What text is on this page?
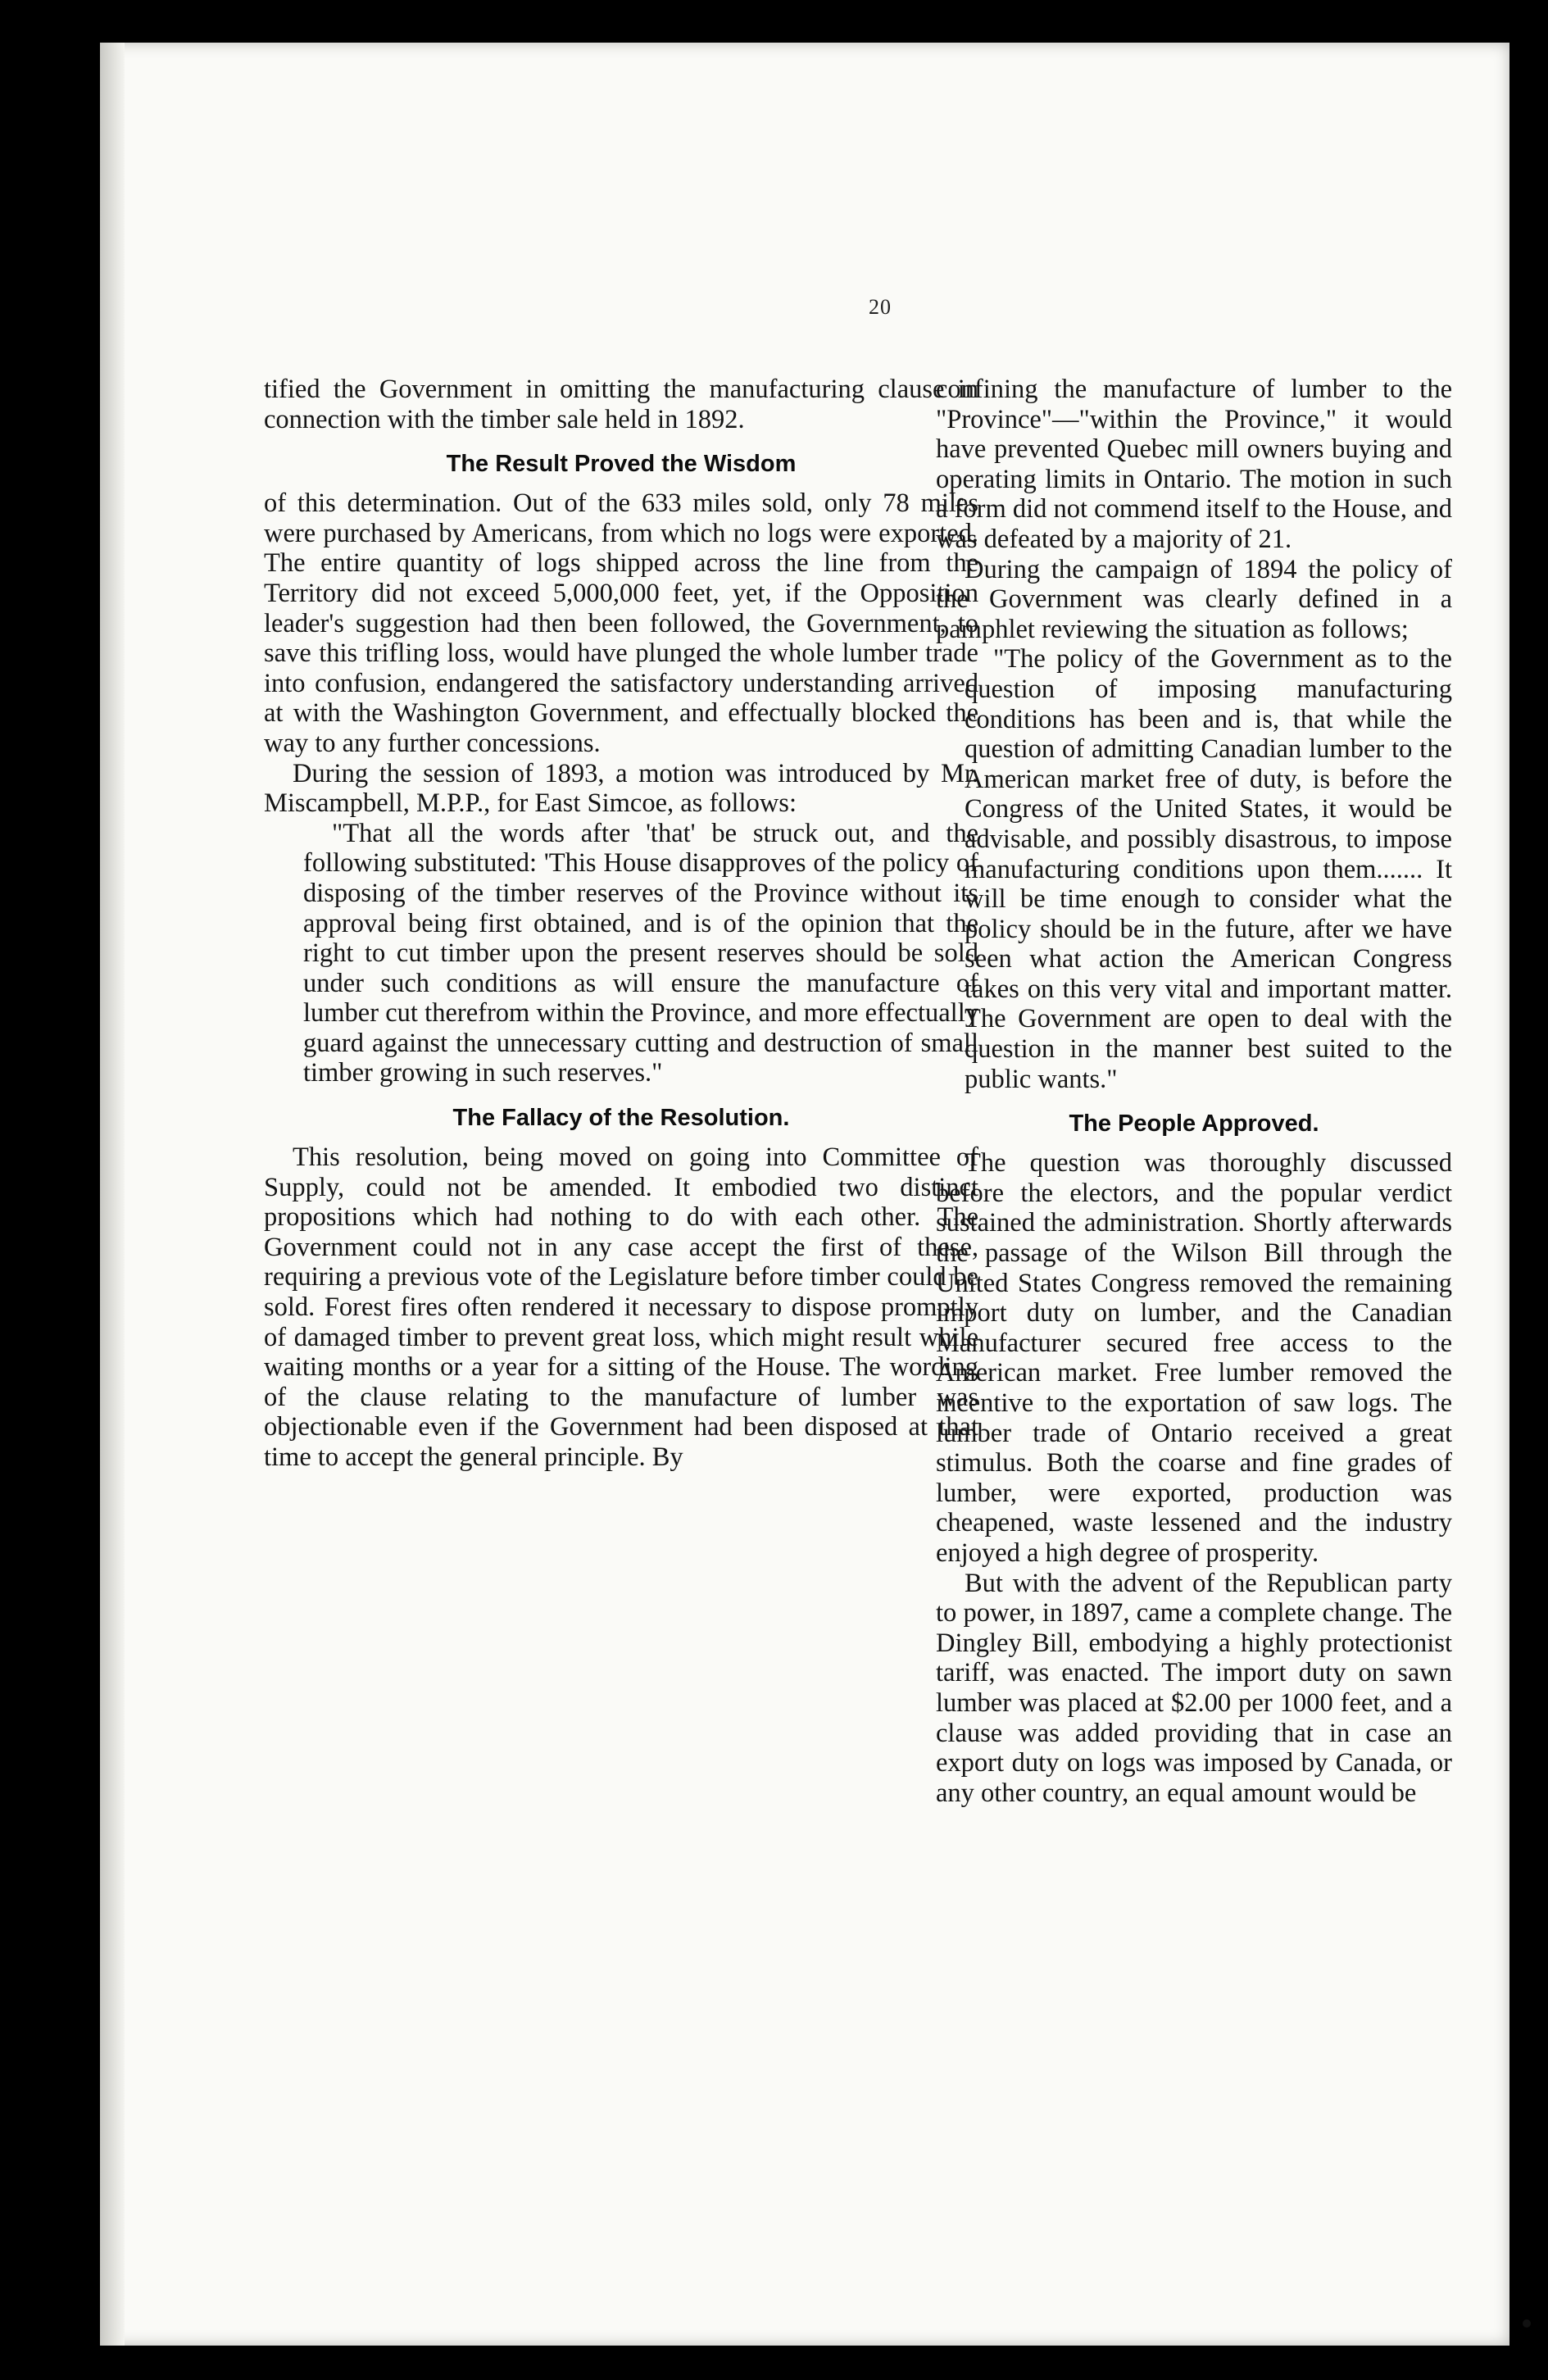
20

tified the Government in omitting the manufacturing clause in connection with the timber sale held in 1892.

The Result Proved the Wisdom

of this determination. Out of the 633 miles sold, only 78 miles were purchased by Americans, from which no logs were exported. The entire quantity of logs shipped across the line from the Territory did not exceed 5,000,000 feet, yet, if the Opposition leader's suggestion had then been followed, the Government, to save this trifling loss, would have plunged the whole lumber trade into confusion, endangered the satisfactory understanding arrived at with the Washington Government, and effectually blocked the way to any further concessions.

During the session of 1893, a motion was introduced by Mr. Miscampbell, M.P.P., for East Simcoe, as follows:

"That all the words after 'that' be struck out, and the following substituted: 'This House disapproves of the policy of disposing of the timber reserves of the Province without its approval being first obtained, and is of the opinion that the right to cut timber upon the present reserves should be sold under such conditions as will ensure the manufacture of lumber cut therefrom within the Province, and more effectually guard against the unnecessary cutting and destruction of small timber growing in such reserves."

The Fallacy of the Resolution.

This resolution, being moved on going into Committee of Supply, could not be amended. It embodied two distinct propositions which had nothing to do with each other. The Government could not in any case accept the first of these, requiring a previous vote of the Legislature before timber could be sold. Forest fires often rendered it necessary to dispose promptly of damaged timber to prevent great loss, which might result while waiting months or a year for a sitting of the House. The wording of the clause relating to the manufacture of lumber was objectionable even if the Government had been disposed at that time to accept the general principle. By

confining the manufacture of lumber to the "Province"—"within the Province," it would have prevented Quebec mill owners buying and operating limits in Ontario. The motion in such a form did not commend itself to the House, and was defeated by a majority of 21.

During the campaign of 1894 the policy of the Government was clearly defined in a pamphlet reviewing the situation as follows;

"The policy of the Government as to the question of imposing manufacturing conditions has been and is, that while the question of admitting Canadian lumber to the American market free of duty, is before the Congress of the United States, it would be advisable, and possibly disastrous, to impose manufacturing conditions upon them....... It will be time enough to consider what the policy should be in the future, after we have seen what action the American Congress takes on this very vital and important matter. The Government are open to deal with the question in the manner best suited to the public wants."

The People Approved.

The question was thoroughly discussed before the electors, and the popular verdict sustained the administration. Shortly afterwards the passage of the Wilson Bill through the United States Congress removed the remaining import duty on lumber, and the Canadian Manufacturer secured free access to the American market. Free lumber removed the incentive to the exportation of saw logs. The lumber trade of Ontario received a great stimulus. Both the coarse and fine grades of lumber, were exported, production was cheapened, waste lessened and the industry enjoyed a high degree of prosperity.

But with the advent of the Republican party to power, in 1897, came a complete change. The Dingley Bill, embodying a highly protectionist tariff, was enacted. The import duty on sawn lumber was placed at $2.00 per 1000 feet, and a clause was added providing that in case an export duty on logs was imposed by Canada, or any other country, an equal amount would be
